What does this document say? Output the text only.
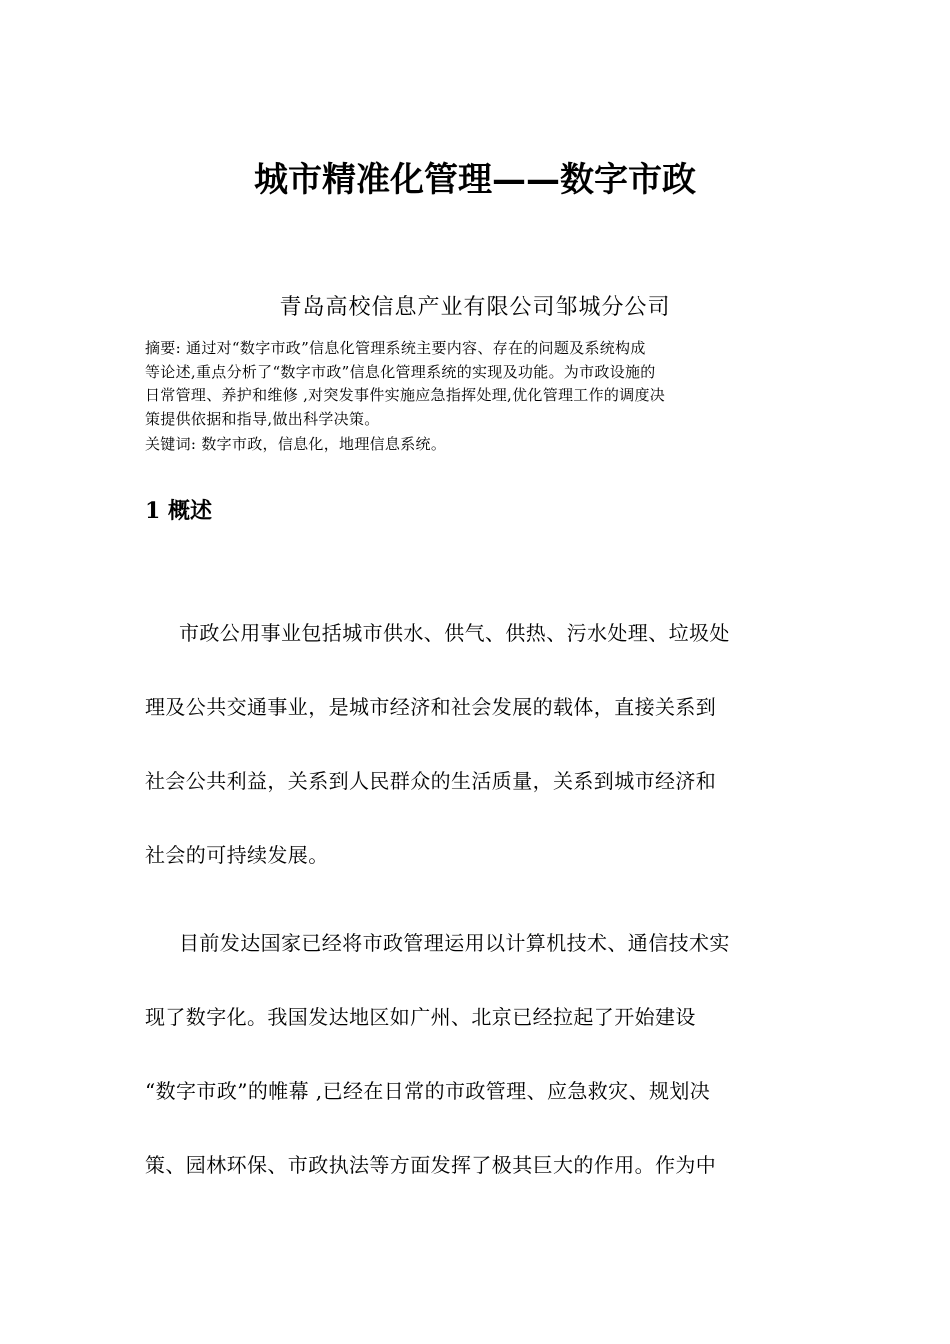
城市精准化管理——数字市政
青岛高校信息产业有限公司邹城分公司
摘要: 通过对“数字市政”信息化管理系统主要内容、存在的问题及系统构成
等论述,重点分析了“数字市政”信息化管理系统的实现及功能。为市政设施的
日常管理、养护和维修 ,对突发事件实施应急指挥处理,优化管理工作的调度决
策提供依据和指导,做出科学决策。
关键词: 数字市政，信息化，地理信息系统。
1 概述
市政公用事业包括城市供水、供气、供热、污水处理、垃圾处
理及公共交通事业，是城市经济和社会发展的载体，直接关系到
社会公共利益，关系到人民群众的生活质量，关系到城市经济和
社会的可持续发展。
目前发达国家已经将市政管理运用以计算机技术、通信技术实
现了数字化。我国发达地区如广州、北京已经拉起了开始建设
“数字市政”的帷幕 ,已经在日常的市政管理、应急救灾、规划决
策、园林环保、市政执法等方面发挥了极其巨大的作用。作为中
